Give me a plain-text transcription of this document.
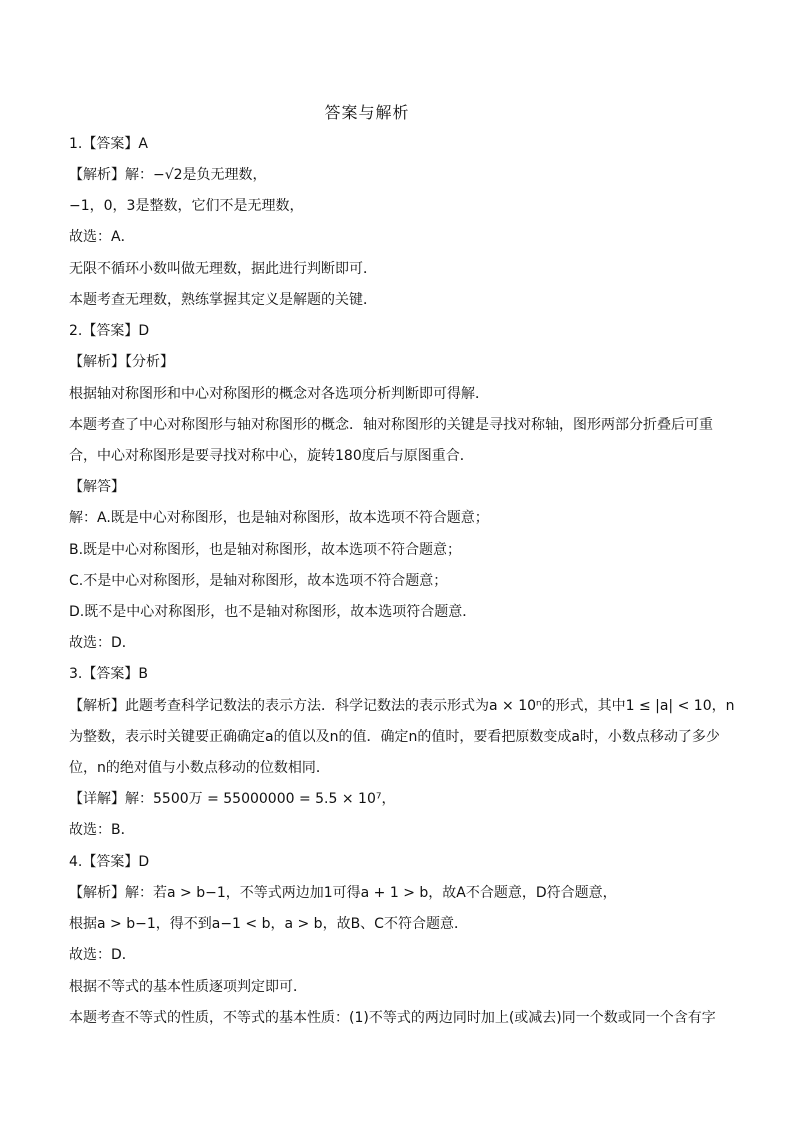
答案与解析
1.【答案】A
【解析】解：−√2是负无理数，
−1，0，3是整数，它们不是无理数，
故选：A．
无限不循环小数叫做无理数，据此进行判断即可．
本题考查无理数，熟练掌握其定义是解题的关键．
2.【答案】D
【解析】【分析】
根据轴对称图形和中心对称图形的概念对各选项分析判断即可得解．
本题考查了中心对称图形与轴对称图形的概念．轴对称图形的关键是寻找对称轴，图形两部分折叠后可重
合，中心对称图形是要寻找对称中心，旋转180度后与原图重合．
【解答】
解：A.既是中心对称图形，也是轴对称图形，故本选项不符合题意；
B.既是中心对称图形，也是轴对称图形，故本选项不符合题意；
C.不是中心对称图形，是轴对称图形，故本选项不符合题意；
D.既不是中心对称图形，也不是轴对称图形，故本选项符合题意．
故选：D．
3.【答案】B
【解析】此题考查科学记数法的表示方法．科学记数法的表示形式为a × 10ⁿ的形式，其中1 ≤ |a| < 10，n
为整数，表示时关键要正确确定a的值以及n的值．确定n的值时，要看把原数变成a时，小数点移动了多少
位，n的绝对值与小数点移动的位数相同．
【详解】解：5500万 = 55000000 = 5.5 × 10⁷，
故选：B．
4.【答案】D
【解析】解：若a > b−1，不等式两边加1可得a + 1 > b，故A不合题意，D符合题意，
根据a > b−1，得不到a−1 < b，a > b，故B、C不符合题意．
故选：D．
根据不等式的基本性质逐项判定即可．
本题考查不等式的性质，不等式的基本性质：(1)不等式的两边同时加上(或减去)同一个数或同一个含有字
